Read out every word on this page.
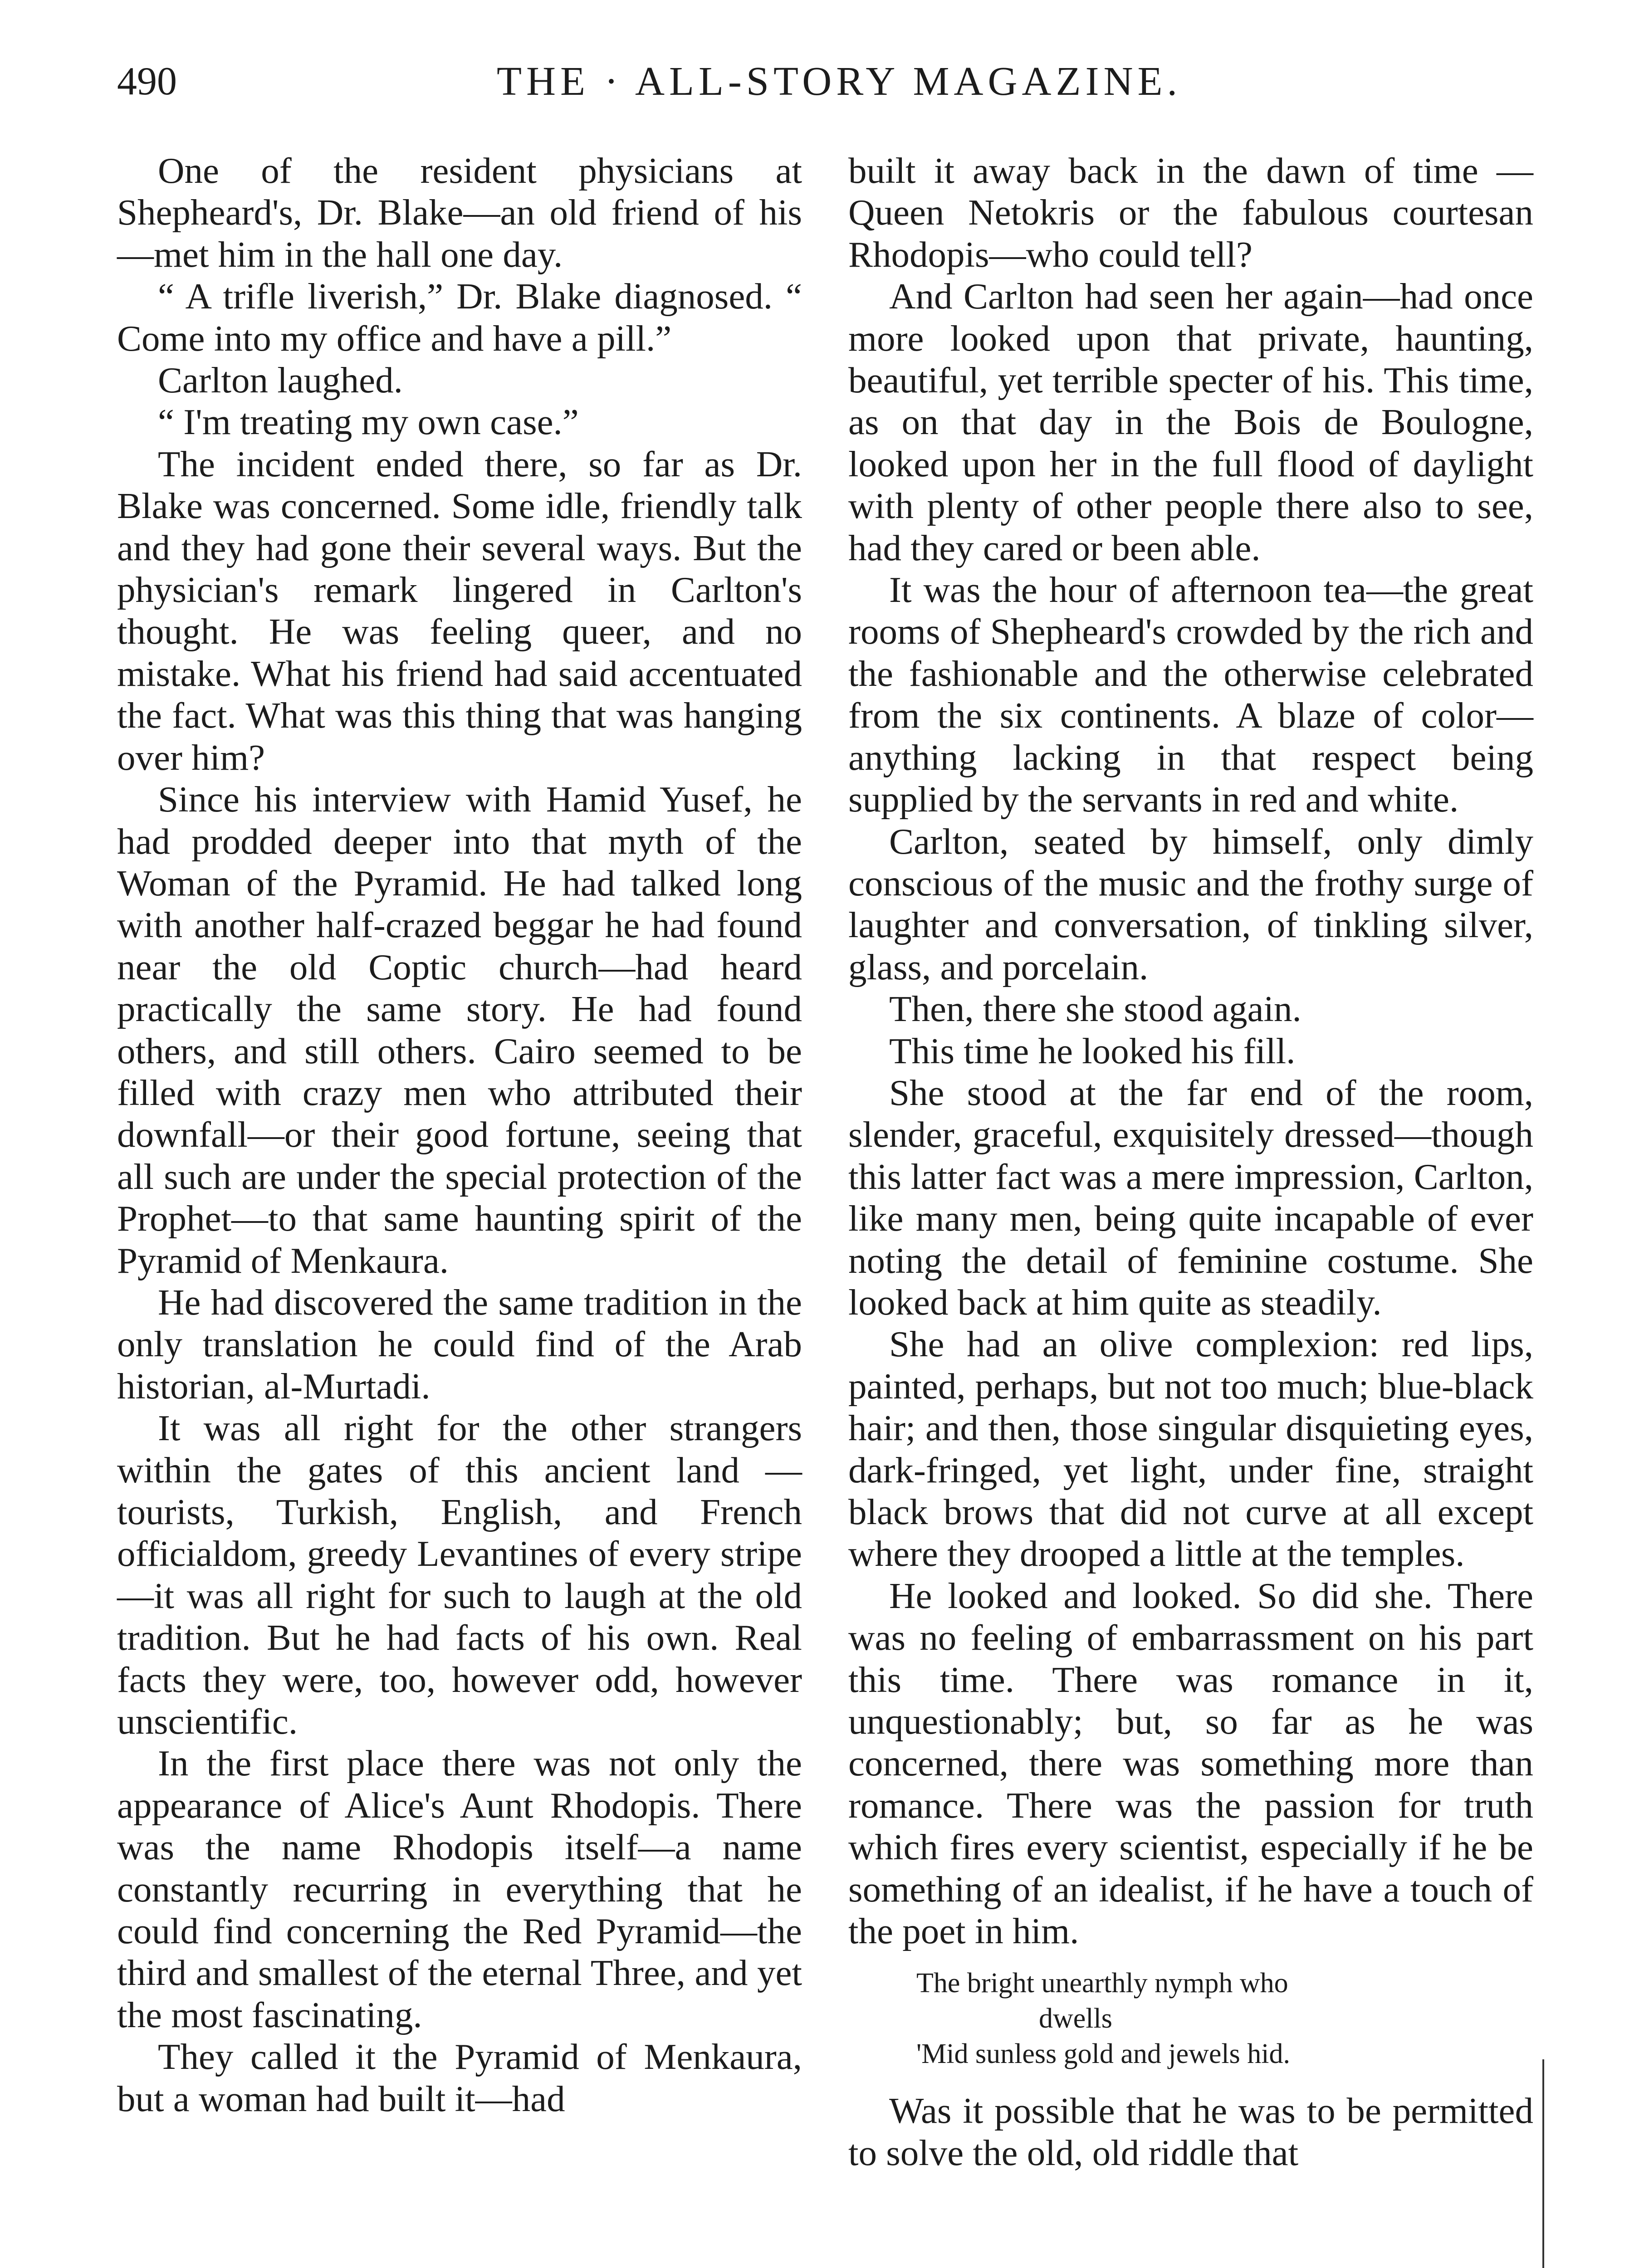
490	THE · ALL-STORY MAGAZINE.

One of the resident physicians at Shepheard's, Dr. Blake—an old friend of his—met him in the hall one day.

“ A trifle liverish,” Dr. Blake diagnosed. “ Come into my office and have a pill.”

Carlton laughed.

“ I'm treating my own case.”

The incident ended there, so far as Dr. Blake was concerned. Some idle, friendly talk and they had gone their several ways. But the physician's remark lingered in Carlton's thought. He was feeling queer, and no mistake. What his friend had said accentuated the fact. What was this thing that was hanging over him?

Since his interview with Hamid Yusef, he had prodded deeper into that myth of the Woman of the Pyramid. He had talked long with another half-crazed beggar he had found near the old Coptic church—had heard practically the same story. He had found others, and still others. Cairo seemed to be filled with crazy men who attributed their downfall—or their good fortune, seeing that all such are under the special protection of the Prophet—to that same haunting spirit of the Pyramid of Menkaura.

He had discovered the same tradition in the only translation he could find of the Arab historian, al-Murtadi.

It was all right for the other strangers within the gates of this ancient land — tourists, Turkish, English, and French officialdom, greedy Levantines of every stripe—it was all right for such to laugh at the old tradition. But he had facts of his own. Real facts they were, too, however odd, however unscientific.

In the first place there was not only the appearance of Alice's Aunt Rhodopis. There was the name Rhodopis itself—a name constantly recurring in everything that he could find concerning the Red Pyramid—the third and smallest of the eternal Three, and yet the most fascinating.

They called it the Pyramid of Menkaura, but a woman had built it—had

built it away back in the dawn of time —Queen Netokris or the fabulous courtesan Rhodopis—who could tell?

And Carlton had seen her again—had once more looked upon that private, haunting, beautiful, yet terrible specter of his. This time, as on that day in the Bois de Boulogne, looked upon her in the full flood of daylight with plenty of other people there also to see, had they cared or been able.

It was the hour of afternoon tea—the great rooms of Shepheard's crowded by the rich and the fashionable and the otherwise celebrated from the six continents. A blaze of color—anything lacking in that respect being supplied by the servants in red and white.

Carlton, seated by himself, only dimly conscious of the music and the frothy surge of laughter and conversation, of tinkling silver, glass, and porcelain.

Then, there she stood again.

This time he looked his fill.

She stood at the far end of the room, slender, graceful, exquisitely dressed—though this latter fact was a mere impression, Carlton, like many men, being quite incapable of ever noting the detail of feminine costume. She looked back at him quite as steadily.

She had an olive complexion: red lips, painted, perhaps, but not too much; blue-black hair; and then, those singular disquieting eyes, dark-fringed, yet light, under fine, straight black brows that did not curve at all except where they drooped a little at the temples.

He looked and looked. So did she. There was no feeling of embarrassment on his part this time. There was romance in it, unquestionably; but, so far as he was concerned, there was something more than romance. There was the passion for truth which fires every scientist, especially if he be something of an idealist, if he have a touch of the poet in him.

The bright unearthly nymph who
dwells
'Mid sunless gold and jewels hid.

Was it possible that he was to be permitted to solve the old, old riddle that
